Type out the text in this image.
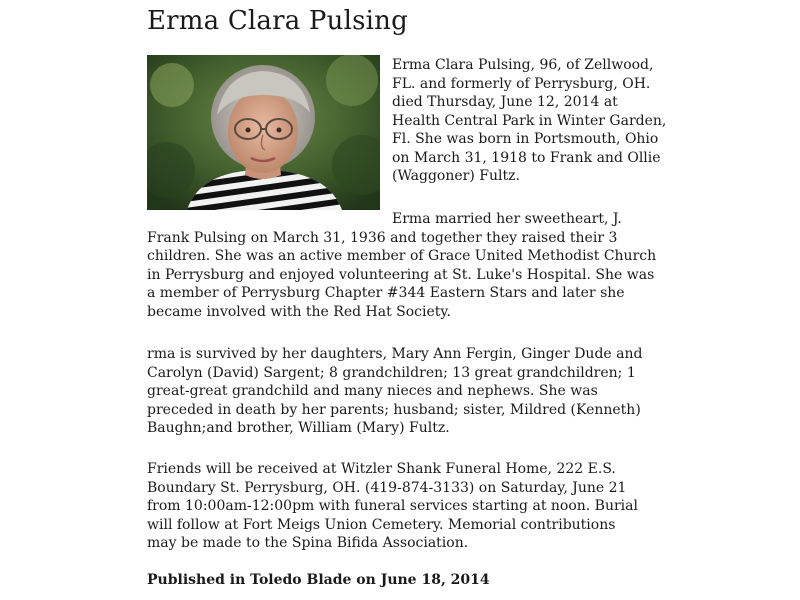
Erma Clara Pulsing

Erma Clara Pulsing, 96, of Zellwood, FL. and formerly of Perrysburg, OH. died Thursday, June 12, 2014 at Health Central Park in Winter Garden, Fl. She was born in Portsmouth, Ohio on March 31, 1918 to Frank and Ollie (Waggoner) Fultz.

Erma married her sweetheart, J. Frank Pulsing on March 31, 1936 and together they raised their 3 children. She was an active member of Grace United Methodist Church in Perrysburg and enjoyed volunteering at St. Luke's Hospital. She was a member of Perrysburg Chapter #344 Eastern Stars and later she became involved with the Red Hat Society.

rma is survived by her daughters, Mary Ann Fergin, Ginger Dude and Carolyn (David) Sargent; 8 grandchildren; 13 great grandchildren; 1 great-great grandchild and many nieces and nephews. She was preceded in death by her parents; husband; sister, Mildred (Kenneth) Baughn;and brother, William (Mary) Fultz.

Friends will be received at Witzler Shank Funeral Home, 222 E.S. Boundary St. Perrysburg, OH. (419-874-3133) on Saturday, June 21 from 10:00am-12:00pm with funeral services starting at noon. Burial will follow at Fort Meigs Union Cemetery. Memorial contributions may be made to the Spina Bifida Association.

Published in Toledo Blade on June 18, 2014
